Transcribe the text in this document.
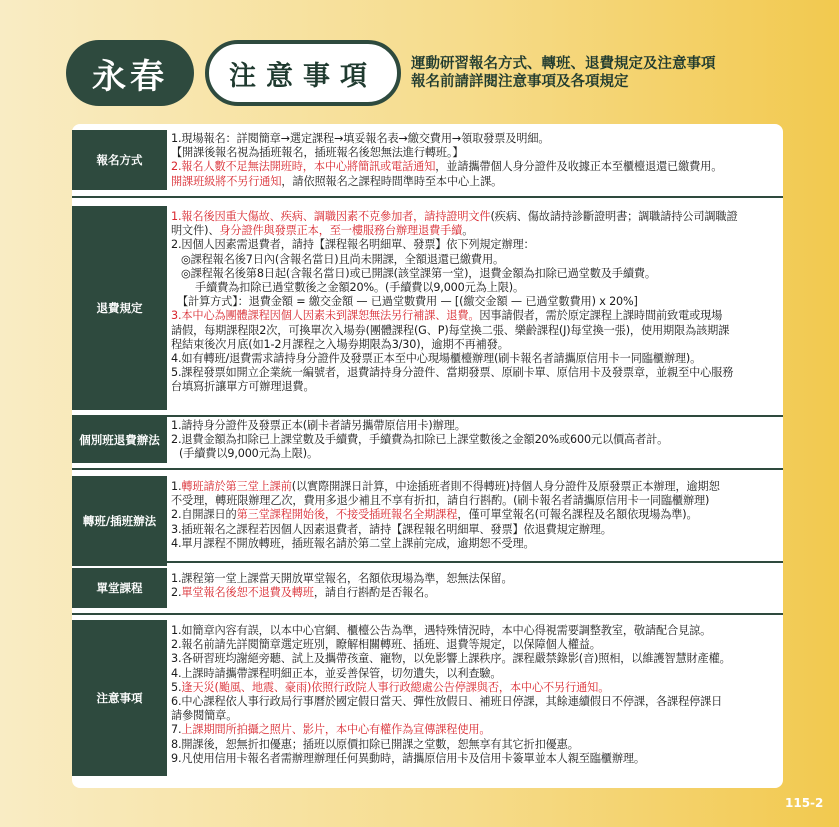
永春	注意事項	運動研習報名方式、轉班、退費規定及注意事項
報名前請詳閱注意事項及各項規定
報名方式

1.現場報名：詳閱簡章→選定課程→填妥報名表→繳交費用→領取發票及明細。

【開課後報名視為插班報名，插班報名後恕無法進行轉班。】

2.報名人數不足無法開班時，本中心將簡訊或電話通知，並請攜帶個人身分證件及收據正本至櫃檯退還已繳費用。

開課班級將不另行通知，請依照報名之課程時間準時至本中心上課。

退費規定

1.報名後因重大傷故、疾病、調職因素不克參加者，請持證明文件(疾病、傷故請持診斷證明書；調職請持公司調職證

明文件)、身分證件與發票正本，至一樓服務台辦理退費手續。

2.因個人因素需退費者，請持【課程報名明細單、發票】依下列規定辦理：

◎課程報名後7日內(含報名當日)且尚未開課，全額退還已繳費用。

◎課程報名後第8日起(含報名當日)或已開課(該堂課第一堂)，退費金額為扣除已過堂數及手續費。

手續費為扣除已過堂數後之金額20%。(手續費以9,000元為上限)。

【計算方式】：退費金額 = 繳交金額 — 已過堂數費用 — [(繳交金額 — 已過堂數費用) x 20%]

3.本中心為團體課程因個人因素未到課恕無法另行補課、退費。因事請假者，需於原定課程上課時間前致電或現場

請假，每期課程限2次，可換單次入場券(團體課程(G、P)每堂換二張、樂齡課程(J)每堂換一張)，使用期限為該期課

程結束後次月底(如1-2月課程之入場券期限為3/30)，逾期不再補發。

4.如有轉班/退費需求請持身分證件及發票正本至中心現場櫃檯辦理(刷卡報名者請攜原信用卡一同臨櫃辦理)。

5.課程發票如開立企業統一編號者，退費請持身分證件、當期發票、原刷卡單、原信用卡及發票章，並親至中心服務

台填寫折讓單方可辦理退費。

個別班退費辦法

1.請持身分證件及發票正本(刷卡者請另攜帶原信用卡)辦理。

2.退費金額為扣除已上課堂數及手續費，手續費為扣除已上課堂數後之金額20%或600元以價高者計。

(手續費以9,000元為上限)。

轉班/插班辦法

1.轉班請於第三堂上課前(以實際開課日計算，中途插班者則不得轉班)持個人身分證件及原發票正本辦理，逾期恕

不受理，轉班限辦理乙次，費用多退少補且不享有折扣，請自行斟酌。(刷卡報名者請攜原信用卡一同臨櫃辦理)

2.自開課日的第三堂課程開始後，不接受插班報名全期課程，僅可單堂報名(可報名課程及名額依現場為準)。

3.插班報名之課程若因個人因素退費者，請持【課程報名明細單、發票】依退費規定辦理。

4.單月課程不開放轉班，插班報名請於第二堂上課前完成，逾期恕不受理。

單堂課程

1.課程第一堂上課當天開放單堂報名，名額依現場為準，恕無法保留。

2.單堂報名後恕不退費及轉班，請自行斟酌是否報名。

注意事項

1.如簡章內容有誤，以本中心官網、櫃檯公告為準，遇特殊情況時，本中心得視需要調整教室，敬請配合見諒。

2.報名前請先詳閱簡章選定班別，瞭解相關轉班、插班、退費等規定，以保障個人權益。

3.各研習班均謝絕旁聽、試上及攜帶孩童、寵物，以免影響上課秩序。課程嚴禁錄影(音)照相，以維護智慧財產權。

4.上課時請攜帶課程明細正本，並妥善保管，切勿遺失，以利查驗。

5.逢天災(颱風、地震、豪雨)依照行政院人事行政總處公告停課與否，本中心不另行通知。

6.中心課程依人事行政局行事曆於國定假日當天、彈性放假日、補班日停課，其餘連續假日不停課，各課程停課日

請參閱簡章。

7.上課期間所拍攝之照片、影片，本中心有權作為宣傳課程使用。

8.開課後，恕無折扣優惠；插班以原價扣除已開課之堂數，恕無享有其它折扣優惠。

9.凡使用信用卡報名者需辦理辦理任何異動時，請攜原信用卡及信用卡簽單並本人親至臨櫃辦理。

115-2
